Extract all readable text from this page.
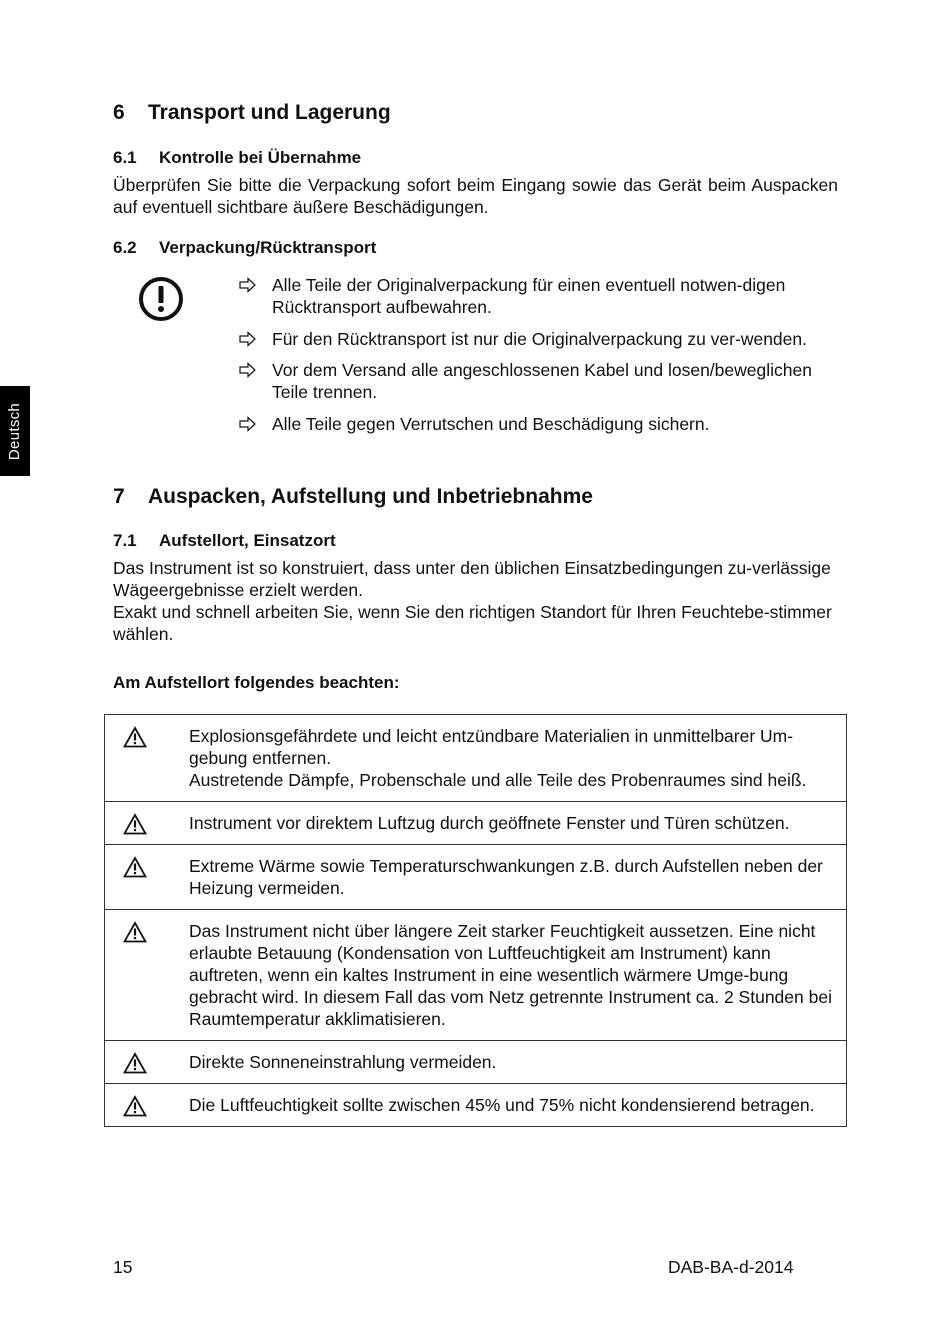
Deutsch
6 Transport und Lagerung
6.1 Kontrolle bei Übernahme
Überprüfen Sie bitte die Verpackung sofort beim Eingang sowie das Gerät beim Auspacken auf eventuell sichtbare äußere Beschädigungen.
6.2 Verpackung/Rücktransport
Alle Teile der Originalverpackung für einen eventuell notwen-digen Rücktransport aufbewahren.
Für den Rücktransport ist nur die Originalverpackung zu ver-wenden.
Vor dem Versand alle angeschlossenen Kabel und losen/beweglichen Teile trennen.
Alle Teile gegen Verrutschen und Beschädigung sichern.
7 Auspacken, Aufstellung und Inbetriebnahme
7.1 Aufstellort, Einsatzort
Das Instrument ist so konstruiert, dass unter den üblichen Einsatzbedingungen zu-verlässige Wägeergebnisse erzielt werden.
Exakt und schnell arbeiten Sie, wenn Sie den richtigen Standort für Ihren Feuchtebe-stimmer wählen.
Am Aufstellort folgendes beachten:

Explosionsgefährdete und leicht entzündbare Materialien in unmittelbarer Um-gebung entfernen.
Austretende Dämpfe, Probenschale und alle Teile des Probenraumes sind heiß.

Instrument vor direktem Luftzug durch geöffnete Fenster und Türen schützen.

Extreme Wärme sowie Temperaturschwankungen z.B. durch Aufstellen neben der Heizung vermeiden.

Das Instrument nicht über längere Zeit starker Feuchtigkeit aussetzen. Eine nicht erlaubte Betauung (Kondensation von Luftfeuchtigkeit am Instrument) kann auftreten, wenn ein kaltes Instrument in eine wesentlich wärmere Umge-bung gebracht wird. In diesem Fall das vom Netz getrennte Instrument ca. 2 Stunden bei Raumtemperatur akklimatisieren.

Direkte Sonneneinstrahlung vermeiden.

Die Luftfeuchtigkeit sollte zwischen 45% und 75% nicht kondensierend betragen.
15	DAB-BA-d-2014
